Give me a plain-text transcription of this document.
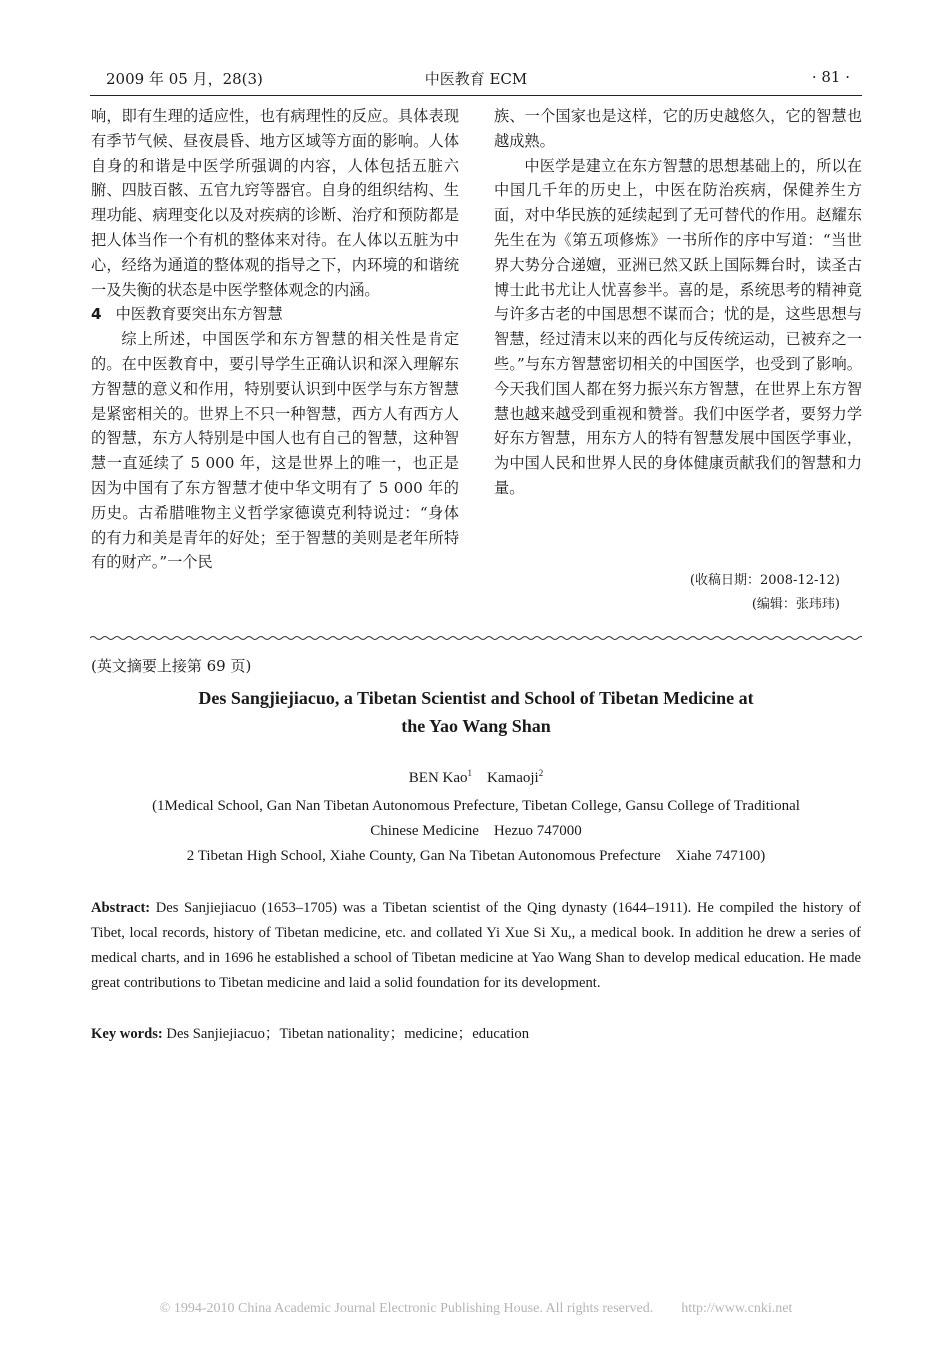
2009 年 05 月，28(3)	中医教育 ECM	· 81 ·

响，即有生理的适应性，也有病理性的反应。具体表现有季节气候、昼夜晨昏、地方区域等方面的影响。人体自身的和谐是中医学所强调的内容，人体包括五脏六腑、四肢百骸、五官九窍等器官。自身的组织结构、生理功能、病理变化以及对疾病的诊断、治疗和预防都是把人体当作一个有机的整体来对待。在人体以五脏为中心，经络为通道的整体观的指导之下，内环境的和谐统一及失衡的状态是中医学整体观念的内涵。

4 中医教育要突出东方智慧

综上所述，中国医学和东方智慧的相关性是肯定的。在中医教育中，要引导学生正确认识和深入理解东方智慧的意义和作用，特别要认识到中医学与东方智慧是紧密相关的。世界上不只一种智慧，西方人有西方人的智慧，东方人特别是中国人也有自己的智慧，这种智慧一直延续了 5 000 年，这是世界上的唯一，也正是因为中国有了东方智慧才使中华文明有了 5 000 年的历史。古希腊唯物主义哲学家德谟克利特说过：“身体的有力和美是青年的好处；至于智慧的美则是老年所特有的财产。”一个民

族、一个国家也是这样，它的历史越悠久，它的智慧也越成熟。

中医学是建立在东方智慧的思想基础上的，所以在中国几千年的历史上，中医在防治疾病，保健养生方面，对中华民族的延续起到了无可替代的作用。赵耀东先生在为《第五项修炼》一书所作的序中写道：“当世界大势分合递嬗，亚洲已然又跃上国际舞台时，读圣古博士此书尤让人忧喜参半。喜的是，系统思考的精神竟与许多古老的中国思想不谋而合；忧的是，这些思想与智慧，经过清末以来的西化与反传统运动，已被弃之一些。”与东方智慧密切相关的中国医学，也受到了影响。今天我们国人都在努力振兴东方智慧，在世界上东方智慧也越来越受到重视和赞誉。我们中医学者，要努力学好东方智慧，用东方人的特有智慧发展中国医学事业，为中国人民和世界人民的身体健康贡献我们的智慧和力量。

(收稿日期：2008-12-12)
(编辑：张玮玮)
(英文摘要上接第 69 页)
Des Sangjiejiacuo, a Tibetan Scientist and School of Tibetan Medicine at
the Yao Wang Shan
BEN Kao$^1$ Kamaoji$^2$
(1Medical School, Gan Nan Tibetan Autonomous Prefecture, Tibetan College, Gansu College of Traditional
Chinese Medicine　Hezuo 747000
2 Tibetan High School, Xiahe County, Gan Na Tibetan Autonomous Prefecture　Xiahe 747100)

Abstract: Des Sanjiejiacuo (1653–1705) was a Tibetan scientist of the Qing dynasty (1644–1911). He compiled the history of Tibet, local records, history of Tibetan medicine, etc. and collated Yi Xue Si Xu,, a medical book. In addition he drew a series of medical charts, and in 1696 he established a school of Tibetan medicine at Yao Wang Shan to develop medical education. He made great contributions to Tibetan medicine and laid a solid foundation for its development.

Key words: Des Sanjiejiacuo；Tibetan nationality；medicine；education

© 1994-2010 China Academic Journal Electronic Publishing House. All rights reserved.　　http://www.cnki.net
